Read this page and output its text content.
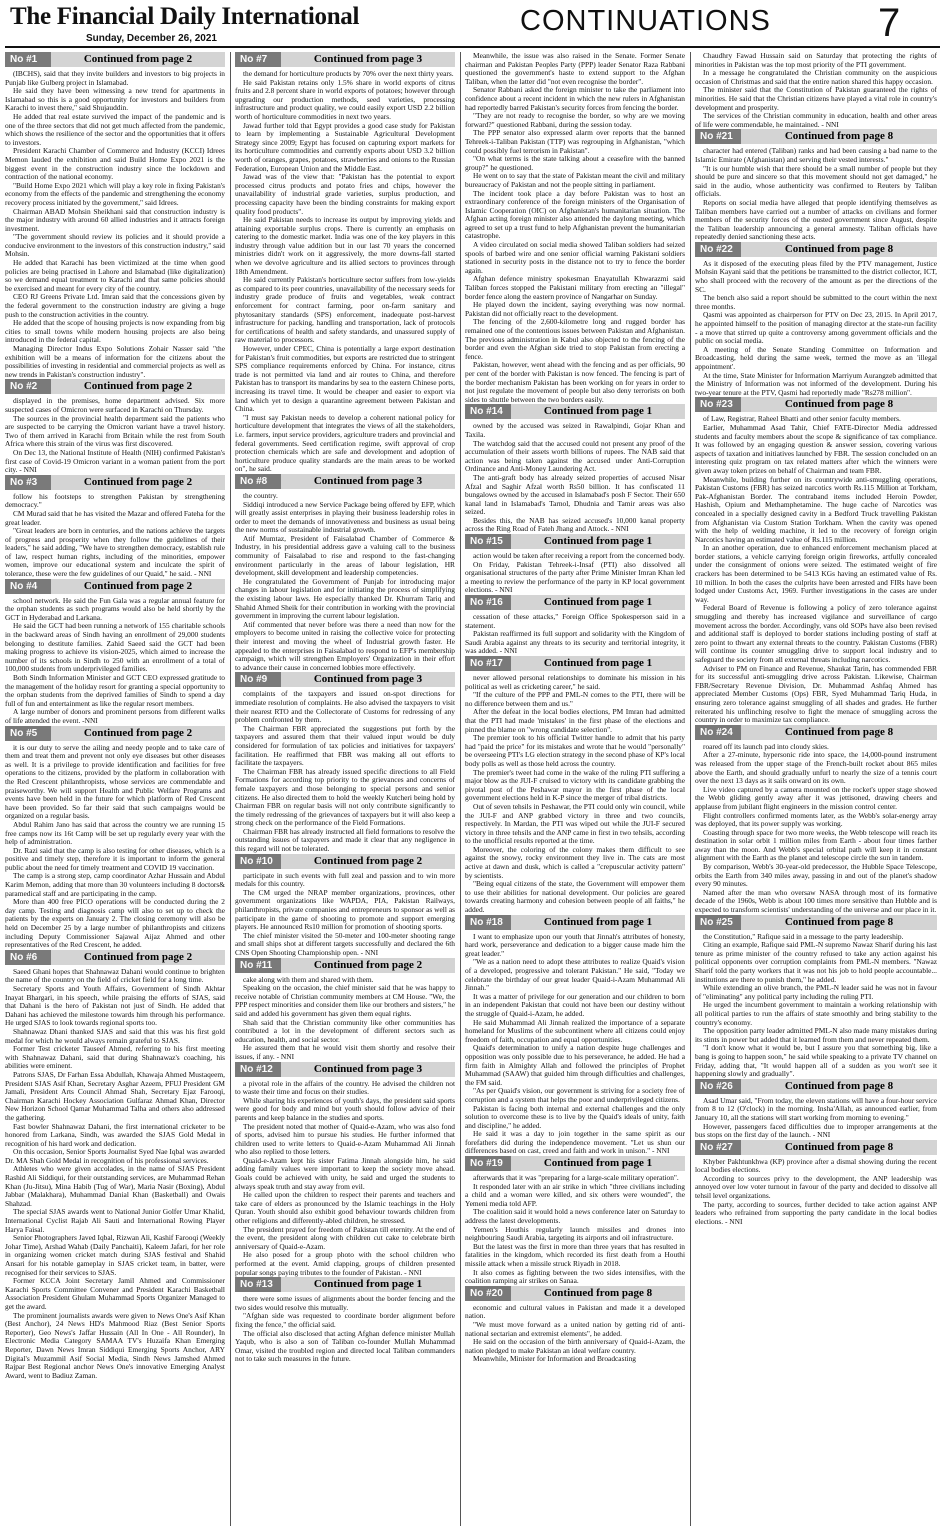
The Financial Daily International
Sunday, December 26, 2021
CONTINUATIONS	7
No #1	Continued from page 2

(IBCHS), said that they invite builders and investors to big projects in Punjab like Gulberg project in Islamabad.

He said they have been witnessing a new trend for apartments in Islamabad so this is a good opportunity for investors and builders from Karachi to invest there," said Shujauddin.

He added that real estate survived the impact of the pandemic and is one of the three sectors that did not get much affected from the pandemic, which shows the resilience of the sector and the opportunities that it offers to investors.

President Karachi Chamber of Commerce and Industry (KCCI) Idrees Memon lauded the exhibition and said Build Home Expo 2021 is the biggest event in the construction industry since the lockdown and contraction of the national economy.

"Build Home Expo 2021 which will play a key role in fixing Pakistan's economy from the effects of the pandemic and strengthening the economy recovery process initiated by the government," said Idrees.

Chairman ABAD Mohsin Sheikhani said that construction industry is the major industry with around 60 allied industries and it attracts foreign investment.

"The government should review its policies and it should provide a conducive environment to the investors of this construction industry," said Mohsin.

He added that Karachi has been victimized at the time when good policies are being practised in Lahore and Islamabad (like digitalization) so we demand equal treatment to Karachi and that same policies should be exercised and meant for every city of the country.

CEO RJ Greens Private Ltd. Imran said that the concessions given by the federal government to the construction industry are giving a huge push to the construction activities in the country.

He added that the scope of housing projects is now expanding from big cities to small towns while modern housing projects are also being introduced in the federal capital.

Managing Director Indus Expo Solutions Zohair Nasser said "the exhibition will be a means of information for the citizens about the possibilities of investing in residential and commercial projects as well as new trends in Pakistan's construction industry".

No #2	Continued from page 2

displayed in the premises, home department advised. Six more suspected cases of Omicron were surfaced in Karachi on Thursday.

The sources in the provincial health department said the patients who are suspected to be carrying the Omicron variant have a travel history. Two of them arrived in Karachi from Britain while the rest from South Africa where this strain of the virus was first discovered.

On Dec 13, the National Institute of Health (NIH) confirmed Pakistan's first case of Covid-19 Omicron variant in a woman patient from the port city. - NNI

No #3	Continued from page 2

follow his footsteps to strengthen Pakistan by strengthening democracy."

CM Murad said that he has visited the Mazar and offered Fateha for the great leader.

"Great leaders are born in centuries, and the nations achieve the targets of progress and prosperity when they follow the guidelines of their leaders," he said adding, "We have to strengthen democracy, establish rule of law, respect human rights, including of the minorities, empower women, improve our educational system and inculcate the spirit of tolerance, these were the few guidelines of our Quaid," he said. - NNI

No #4	Continued from page 2

school network. He said the Fun Gala was a regular annual feature for the orphan students as such programs would also be held shortly by the GCT in Hyderabad and Larkana.

He said the GCT had been running a network of 155 charitable schools in the backward areas of Sindh having an enrollment of 29,000 students belonging to destitute families. Zahid Saeed said the GCT had been making progress to achieve its vision-2025, which aimed to increase the number of its schools in Sindh to 250 with an enrollment of a total of 100,000 students from underprivileged families.

Both Sindh Information Minister and GCT CEO expressed gratitude to the management of the holiday resort for granting a special opportunity to the orphan students from the deprived families of Sindh to spend a day full of fun and entertainment as like the regular resort members.

A large number of donors and prominent persons from different walks of life attended the event. -NNI

No #5	Continued from page 2

it is our duty to serve the ailing and needy people and to take care of them and treat them and prevent not only eye diseases but other diseases as well. It is a privilege to provide identification and facilities for free operations to the citizens, provided by the platform in collaboration with the Red Crescent philanthropists, whose services are commendable and praiseworthy. We will support Health and Public Welfare Programs and events have been held in the future for which platform of Red Crescent have been provided. So far their said that such campaigns would be organized on a regular basis.

Abdul Rahim Jano has said that across the country we are running 15 free camps now its 16t Camp will be set up regularly every year with the help of administration.

Dr. Razi said that the camp is also testing for other diseases, which is a positive and timely step, therefore it is important to inform the general public about the need for timely treatment and COVID 19 vaccination.

The camp is a strong step, camp coordinator Azhar Hussain and Abdul Karim Memon, adding that more than 30 volunteers including 8 doctors& paramedical staff and are participating in the camp.

More than 400 free PICO operations will be conducted during the 2 day camp. Testing and diagnosis camp will also to set up to check the patients by the experts on January 2. The closing ceremony will also be held on December 25 by a large number of philanthropists and citizens including Deputy Commissioner Sajawal Aijaz Ahmed and other representatives of the Red Crescent, he added.

No #6	Continued from page 2

Saeed Ghani hopes that Shahnawaz Dahani would continue to brighten the name of the country on the field of cricket field for a long time.

Secretary Sports and Youth Affairs, Government of Sindh Akhtar Inayat Bhargari, in his speech, while praising the efforts of SJAS, said that Dahani is the hero of Pakistan not just of Sindh. He added that Dahani has achieved the milestone towards him through his performance. He urged SJAS to look towards regional sports too.

Shahnawaz Dhani thanked SJAS and said that this was his first gold medal for which he would always remain grateful to SJAS.

Former Test cricketer Tauseef Ahmed, referring to his first meeting with Shahnawaz Dahani, said that during Shahnawaz's coaching, his abilities were eminent.

Patrons SJAS, Dr Farhan Essa Abdullah, Khawaja Ahmed Mustaqeem, President SJAS Asif Khan, Secretary Asghar Azeem, PFUJ President GM Jamali, President Arts Council Ahmad Shah, Secretary Ejaz Farooqi, Chairman Karachi Hockey Association Gulfaraz Ahmad Khan, Director New Horizon School Qamar Muhammad Talha and others also addressed the gathering.

Fast bowler Shahnawaz Dahani, the first international cricketer to be honored from Larkana, Sindh, was awarded the SJAS Gold Medal in recognition of his hard work and dedication.

On this occasion, Senior Sports Journalist Syed Nae Iqbal was awarded Dr. MA Shah Gold Medal in recognition of his professional services.

Athletes who were given accolades, in the name of SJAS President Rashid Ali Siddiqui, for their outstanding services, are Muhammad Rehan Khan (Ju-Jitsu), Mina Habib (Tug of War), Maria Nasir (Boxing), Abdul Jabbar (Malakhara), Muhammad Danial Khan (Basketball) and Owais Shahzad.

The special SJAS awards went to National Junior Golfer Umar Khalid, International Cyclist Rajab Ali Sauti and International Rowing Player Harya Faisal.

Senior Photographers Javed Iqbal, Rizwan Ali, Kashif Farooqi (Weekly Johar Time), Arshad Wahab (Daily Panchaiti), Kaleem Jafari, for her role in organizing women cricket match during SJAS festival and Shahid Ansari for his notable gameplay in SJAS cricket team, in batter, were recognised for their services to SJAS.

Former KCCA Joint Secretary Jamil Ahmed and Commissioner Karachi Sports Committee Convener and President Karachi Basketball Association President Ghulam Muhammad Sports Organizer Managed to get the award.

The prominent journalists awards were given to News One's Asif Khan (Best Anchor), 24 News HD's Mahmood Riaz (Best Senior Sports Reporter), Geo News's Jaffar Hussain (All In One - All Rounder), In Electronic Media Category SAMAA TV's Huzaifa Khan Emerging Reporter, Dawn News Imran Siddiqui Emerging Sports Anchor, ARY Digital's Muzammil Asif Social Media, Sindh News Jamshed Ahmed Rajpar Best Regional anchor News One's innovative Emerging Analyst Award, went to Badiuz Zaman.

No #7	Continued from page 3

the demand for horticulture products by 70% over the next thirty years.

He said Pakistan retains only 1.5% share in world exports of citrus fruits and 2.8 percent share in world exports of potatoes; however through upgrading our production methods, seed varieties, processing infrastructure and product quality, we could easily export USD 2.2 billion worth of horticulture commodities in next two years.

Jawad further told that Egypt provides a good case study for Pakistan to learn by implementing a Sustainable Agricultural Development Strategy since 2009; Egypt has focused on capturing export markets for its horticulture commodities and currently exports about USD 3.2 billion worth of oranges, grapes, potatoes, strawberries and onions to the Russian Federation, European Union and the Middle East.

Jawad was of the view that: "Pakistan has the potential to export processed citrus products and potato fries and chips, however the unavailability of industrial grade varieties, surplus production, and processing capacity have been the binding constraints for making export quality food products".

He said Pakistan needs to increase its output by improving yields and attaining exportable surplus crops. There is currently an emphasis on catering to the domestic market. India was one of the key players in this industry through value addition but in our last 70 years the concerned ministries didn't work on it aggressively, the more downs-fall started when we devolve agriculture and its allied sectors to provinces through 18th Amendment.

He said currently Pakistan's horticulture sector suffers from low-yields as compared to its peer countries, unavailability of the necessary seeds for industry grade produce of fruits and vegetables, weak contract enforcement for contract farming, poor on-farm sanitary and phytosanitary standards (SPS) enforcement, inadequate post-harvest infrastructure for packing, handling and transportation, lack of protocols for certifications of health and safety standards, and unassured supply of raw material to processors.

However, under CPEC, China is potentially a large export destination for Pakistan's fruit commodities, but exports are restricted due to stringent SPS compliance requirements enforced by China. For instance, citrus trade is not permitted via land and air routes to China, and therefore Pakistan has to transport its mandarins by sea to the eastern Chinese ports, increasing its travel time. It would be cheaper and easier to export via land which yet to design a quarantine agreement between Pakistan and China.

"I must say Pakistan needs to develop a coherent national policy for horticulture development that integrates the views of all the stakeholders, i.e. farmers, input service providers, agriculture traders and provincial and federal governments. Seed certification regime, swift approval of crop protection chemicals which are safe and development and adoption of horticulture produce quality standards are the main areas to be worked on", he said.

No #8	Continued from page 3

the country.

Siddiqi introduced a new Service Package being offered by EFP, which will greatly assist enterprises in playing their business leadership roles in order to meet the demands of innovativeness and business as usual being the new norms of sustainable industrial growth.

Atif Mumtaz, President of Faisalabad Chamber of Commerce & Industry, in his presidential address gave a valuing call to the business community of Faisalabad to rise and respond to the fast-changing environment particularly in the areas of labour legislation, HR development, skill development and leadership competencies.

He congratulated the Government of Punjab for introducing major changes in labour legislation and for initiating the process of simplifying the existing labour laws. He especially thanked Dr. Khurram Tariq and Shahid Ahmed Sheik for their contribution in working with the provincial government in improving the current labour legislation.

Atif commented that never before was there a need than now for the employers to become united in raising the collective voice for protecting their interest and moving the wheel of Industrial growth faster. He appealed to the enterprises in Faisalabad to respond to EFP's membership campaign, which will strengthen Employers' Organization in their effort to advance their cause in concerned lobbies more effectively.

No #9	Continued from page 3

complaints of the taxpayers and issued on-spot directions for immediate resolution of complaints. He also advised the taxpayers to visit their nearest RTO and the Collectorate of Customs for redressing of any problem confronted by them.

The Chairman FBR appreciated the suggestions put forth by the taxpayers and assured them that their valued input would be duly considered for formulation of tax policies and initiatives for taxpayers' facilitation. He reaffirmed that FBR was making all out efforts to facilitate the taxpayers.

The Chairman FBR has already issued specific directions to all Field Formations for according top priority to the grievances and concerns of female taxpayers and those belonging to special persons and senior citizens. He also directed them to hold the weekly Kutcheri being hold by Chairman FBR on regular basis will not only contribute significantly to the timely redressing of the grievances of taxpayers but it will also keep a strong check on the performance of the Field Formations.

Chairman FBR has already instructed all field formations to resolve the outstanding issues of taxpayers and made it clear that any negligence in this regard will not be tolerated.

No #10	Continued from page 2

participate in such events with full zeal and passion and to win more medals for this country.

The CM urged the NRAP member organizations, provinces, other government organizations like WAPDA, PIA, Pakistan Railways, philanthropists, private companies and entrepreneurs to sponsor as well as participate in the game of shooting to promote and support emerging players. He announced Rs10 million for promotion of shooting sports.

The chief minister visited the 50-meter and 100-meter shooting range and small ships shot at different targets successfully and declared the 6th CNS Open Shooting Championship open. - NNI

No #11	Continued from page 2

cake along with them and shared with them.

Speaking on the occasion, the chief minister said that he was happy to receive notable of Christian community members at CM House. "We, the PPP respect minorities and consider them like our brothers and sisters," he said and added his government has given them equal rights.

Shah said that the Christian community like other communities has contributed a lot in the development of different sectors such as education, health, and social sector.

He assured them that he would visit them shortly and resolve their issues, if any. - NNI

No #12	Continued from page 3

a pivotal role in the affairs of the country. He advised the children not to waste their time and focus on their studies.

While sharing his experiences of youth's days, the president said sports were good for body and mind but youth should follow advice of their parents and keep balance in the studies and sports.

The president noted that mother of Quaid-e-Azam, who was also fond of sports, advised him to pursue his studies. He further informed that children used to write letters to Quaid-e-Azam Muhammad Ali Jinnah who also replied to those letters.

Quaid-e-Azam kept his sister Fatima Jinnah alongside him, he said adding family values were important to keep the society move ahead. Goals could be achieved with unity, he said and urged the students to always speak truth and stay away from evil.

He called upon the children to respect their parents and teachers and take care of elders as pronounced by the Islamic teachings in the Holy Quran. Youth should also exhibit good behaviour towards children from other religions and differently-abled children, he stressed.

The president prayed for freedom of Pakistan till eternity. At the end of the event, the president along with children cut cake to celebrate birth anniversary of Quaid-e-Azam.

He also posed for a group photo with the school children who performed at the event. Amid clapping, groups of children presented popular songs paying tributes to the founder of Pakistan. - NNI

No #13	Continued from page 1

there were some issues of alignments about the border fencing and the two sides would resolve this mutually.

"Afghan side was requested to coordinate border alignment before fixing the fence," the official said.

The official also disclosed that acting Afghan defence minister Mullah Yaqub, who is also a son of Taliban co-founder Mullah Muhammad Omar, visited the troubled region and directed local Taliban commanders not to take such measures in the future.

Meanwhile, the issue was also raised in the Senate. Former Senate chairman and Pakistan Peoples Party (PPP) leader Senator Raza Rabbani questioned the government's haste to extend support to the Afghan Taliban, when the latter did "not even recognise the border".

Senator Rabbani asked the foreign minister to take the parliament into confidence about a recent incident in which the new rulers in Afghanistan had reportedly barred Pakistan's security forces from fencing the border.

"They are not ready to recognise the border, so why are we moving forward?" questioned Rabbani, during the session today.

The PPP senator also expressed alarm over reports that the banned Tehreek-i-Taliban Pakistan (TTP) was regrouping in Afghanistan, "which could possibly fuel terrorism in Pakistan".

"On what terms is the state talking about a ceasefire with the banned group?" he questioned.

He went on to say that the state of Pakistan meant the civil and military bureaucracy of Pakistan and not the people sitting in parliament.

The incident took place a day before Pakistan was to host an extraordinary conference of the foreign ministers of the Organisation of Islamic Cooperation (OIC) on Afghanistan's humanitarian situation. The Afghan acting foreign minister also attended the daylong meeting, which agreed to set up a trust fund to help Afghanistan prevent the humanitarian catastrophe.

A video circulated on social media showed Taliban soldiers had seized spools of barbed wire and one senior official warning Pakistani soldiers stationed in security posts in the distance not to try to fence the border again.

Afghan defence ministry spokesman Enayatullah Khwarazmi said Taliban forces stopped the Pakistani military from erecting an "illegal" border fence along the eastern province of Nangarhar on Sunday.

He played down the incident, saying everything was now normal. Pakistan did not officially react to the development.

The fencing of the 2,600-kilometre long and rugged border has remained one of the contentious issues between Pakistan and Afghanistan. The previous administration in Kabul also objected to the fencing of the border and even the Afghan side tried to stop Pakistan from erecting a fence.

Pakistan, however, went ahead with the fencing and as per officials, 90 per cent of the border with Pakistan is now fenced. The fencing is part of the border mechanism Pakistan has been working on for years in order to not just regulate the movement of people but also deny terrorists on both sides to shuttle between the two borders easily.

No #14	Continued from page 1

owned by the accused was seized in Rawalpindi, Gojar Khan and Taxila.

The watchdog said that the accused could not present any proof of the accumulation of their assets worth billions of rupees. The NAB said that action was being taken against the accused under Anti-Corruption Ordinance and Anti-Money Laundering Act.

The anti-graft body has already seized properties of accused Nisar Afzal and Saghir Afzal worth Rs50 billion. It has confiscated 11 bungalows owned by the accused in Islamabad's posh F Sector. Their 650 kanal land in Islamabad's Tarnol, Dhudnia and Tamir areas was also seized.

Besides this, the NAB has seized accused's 10,000 kanal property across the Ring Road of Fateh Jhang and Attock. - NNI

No #15	Continued from page 1

action would be taken after receiving a report from the concerned body.

On Friday, Pakistan Tehreek-i-Insaf (PTI) also dissolved all organisational structures of the party after Prime Minister Imran Khan led a meeting to review the performance of the party in KP local government elections. - NNI

No #16	Continued from page 1

cessation of these attacks," Foreign Office Spokesperson said in a statement.

Pakistan reaffirmed its full support and solidarity with the Kingdom of Saudi Arabia against any threats to its security and territorial integrity, it was added. - NNI

No #17	Continued from page 1

never allowed personal relationships to dominate his mission in his political as well as cricketing career," he said.

"If the culture of the PPP and PML-N comes to the PTI, there will be no difference between them and us."

After the defeat in the local bodies elections, PM Imran had admitted that the PTI had made 'mistakes' in the first phase of the elections and pinned the blame on "wrong candidate selection".

The premier took to his official Twitter handle to admit that his party had "paid the price" for its mistakes and wrote that he would "personally" be overseeing PTI's LG election strategy in the second phase of KP's local body polls as well as those held across the country.

The premier's tweet had come in the wake of the ruling PTI suffering a major blow as the JUI-F cruised to victory with its candidate grabbing the pivotal post of the Peshawar mayor in the first phase of the local government elections held in K-P since the merger of tribal districts.

Out of seven tehsils in Peshawar, the PTI could only win council, while the JUI-F and ANP grabbed victory in three and two councils, respectively. In Mardan, the PTI was wiped out while the JUI-F secured victory in three tehsils and the ANP came in first in two tehsils, according to the unofficial results reported at the time.

Moreover, the coloring of the colony makes them difficult to see against the snowy, rocky environment they live in. The cats are most active at dawn and dusk, which is called a "crepuscular activity pattern" by scientists.

"Being equal citizens of the state, the Government will empower them to use their abilities for national development. Our policies are geared towards creating harmony and cohesion between people of all faiths," he added.

No #18	Continued from page 1

I want to emphasize upon our youth that Jinnah's attributes of honesty, hard work, perseverance and dedication to a bigger cause made him the great leader."

"We as a nation need to adopt these attributes to realize Quaid's vision of a developed, progressive and tolerant Pakistan." He said, "Today we celebrate the birthday of our great leader Quaid-i-Azam Muhammad Ali Jinnah."

It was a matter of privilege for our generation and our children to born in an independent Pakistan that could not have been our destiny without the struggle of Quaid-i-Azam, he added.

He said Muhammad Ali Jinnah realized the importance of a separate homeland for Muslims of the subcontinent where all citizens could enjoy freedom of faith, occupation and equal opportunities.

Quaid's determination to unify a nation despite huge challenges and opposition was only possible due to his perseverance, he added. He had a firm faith in Almighty Allah and followed the principles of Prophet Muhammad (SAAW) that guided him through difficulties and challenges, the FM said.

"As per Quaid's vision, our government is striving for a society free of corruption and a system that helps the poor and underprivileged citizens.

Pakistan is facing both internal and external challenges and the only solution to overcome these is to live by the Quaid's ideals of unity, faith and discipline," he added.

He said it was a day to join together in the same spirit as our forefathers did during the independence movement. "Let us shun our differences based on cast, creed and faith and work in unison." - NNI

No #19	Continued from page 1

afterwards that it was "preparing for a large-scale military operation".

It responded later with an air strike in which "three civilians including a child and a woman were killed, and six others were wounded", the Yemeni media told AFP.

The coalition said it would hold a news conference later on Saturday to address the latest developments.

Yemen's Houthis regularly launch missiles and drones into neighbouring Saudi Arabia, targeting its airports and oil infrastructure.

But the latest was the first in more than three years that has resulted in fatalities in the kingdom, which recorded its first death from a Houthi missile attack when a missile struck Riyadh in 2018.

It also comes as fighting between the two sides intensifies, with the coalition ramping air strikes on Sanaa.

No #20	Continued from page 8

economic and cultural values in Pakistan and made it a developed nation.

"We must move forward as a united nation by getting rid of anti-national sectarian and extremist elements", he added.

He said on the occasion of the birth anniversary of Quaid-i-Azam, the nation pledged to make Pakistan an ideal welfare country.

Meanwhile, Minister for Information and Broadcasting

Chaudhry Fawad Hussain said on Saturday that protecting the rights of minorities in Pakistan was the top most priority of the PTI government.

In a message he congratulated the Christian community on the auspicious occasion of Christmas and said that the entire nation shared this happy occasion.

The minister said that the Constitution of Pakistan guaranteed the rights of minorities. He said that the Christian citizens have played a vital role in country's development and prosperity.

The services of the Christian community in education, health and other areas of life were commendable, he maintained. - NNI

No #21	Continued from page 8

character had entered (Taliban) ranks and had been causing a bad name to the Islamic Emirate (Afghanistan) and serving their vested interests."

"It is our humble wish that there should be a small number of people but they should be pure and sincere so that this movement should not get damaged," he said in the audio, whose authenticity was confirmed to Reuters by Taliban officials.

Reports on social media have alleged that people identifying themselves as Taliban members have carried out a number of attacks on civilians and former members of the security forces of the ousted government since August, despite the Taliban leadership announcing a general amnesty. Taliban officials have repeatedly denied sanctioning these acts.

No #22	Continued from page 8

As it disposed of the executing pleas filed by the PTV management, Justice Mohsin Kayani said that the petitions be transmitted to the district collector, ICT, who shall proceed with the recovery of the amount as per the directions of the SC.

The bench also said a report should be submitted to the court within the next three months.

Qasmi was appointed as chairperson for PTV on Dec 23, 2015. In April 2017, he appointed himself to the position of managing director at the state-run facility - a move that stirred up quite a controversy among government officials and the public on social media.

A meeting of the Senate Standing Committee on Information and Broadcasting, held during the same week, termed the move as an 'illegal appointment'.

At the time, State Minister for Information Marriyum Aurangzeb admitted that the Ministry of Information was not informed of the development. During his two-year tenure at the PTV, Qasmi had reportedly made "Rs278 million".

No #23	Continued from page 8

of Law, Registrar, Raheel Bhatti and other senior faculty members.

Earlier, Muhammad Asad Tahir, Chief FATE-Director Media addressed students and faculty members about the scope & significance of tax compliance. It was followed by an engaging question & answer session, covering various aspects of taxation and initiatives launched by FBR. The session concluded on an interesting quiz program on tax related matters after which the winners were given away token prizes on behalf of Chairman and team FBR.

Meanwhile, building further on its countrywide anti-smuggling operations, Pakistan Customs (FBR) has seized narcotics worth Rs.115 Million at Torkham, Pak-Afghanistan Border. The contraband items included Heroin Powder, Hashish, Opium and Methamphetamine. The huge cache of Narcotics was concealed in a specially designed cavity in a Bedford Truck travelling Pakistan from Afghanistan via Custom Station Torkham. When the cavity was opened with the help of welding machine, it led to the recovery of foreign origin Narcotics having an estimated value of Rs.115 million.

In an another operation, due to enhanced enforcement mechanism placed at border stations, a vehicle carrying foreign origin fireworks, artfully concealed under the consignment of onions were seized. The estimated weight of fire crackers has been determined to be 5413 KGs having an estimated value of Rs. 10 million. In both the cases the culprits have been arrested and FIRs have been lodged under Customs Act, 1969. Further investigations in the cases are under way.

Federal Board of Revenue is following a policy of zero tolerance against smuggling and thereby has increased vigilance and surveillance of cargo movement across the border. Accordingly, vans old SOPs have also been revised and additional staff is deployed to border stations including posting of staff at zero point to thwart any external threats to the country. Pakistan Customs (FBR) will continue its counter smuggling drive to support local industry and to safeguard the society from all external threats including narcotics.

Adviser to PM on Finance and Revenue, Shaukat Tarin, has commended FBR for its successful anti-smuggling drive across Pakistan. Likewise, Chairman FBR/Secretary Revenue Division, Dr. Muhammad Ashfaq Ahmed has appreciated Member Customs (Ops) FBR, Syed Muhammad Tariq Huda, in ensuring zero tolerance against smuggling of all shades and grades. He further reiterated his unflinching resolve to fight the menace of smuggling across the country in order to maximize tax compliance.

No #24	Continued from page 8

roared off its launch pad into cloudy skies.

After a 27-minute, hypersonic ride into space, the 14,000-pound instrument was released from the upper stage of the French-built rocket about 865 miles above the Earth, and should gradually unfurl to nearly the size of a tennis court over the next 13 days as it sails onward on its own.

Live video captured by a camera mounted on the rocket's upper stage showed the Webb gliding gently away after it was jettisoned, drawing cheers and applause from jubilant flight engineers in the mission control center.

Flight controllers confirmed moments later, as the Webb's solar-energy array was deployed, that its power supply was working.

Coasting through space for two more weeks, the Webb telescope will reach its destination in solar orbit 1 million miles from Earth - about four times farther away than the moon. And Webb's special orbital path will keep it in constant alignment with the Earth as the planet and telescope circle the sun in tandem.

By comparison, Webb's 30-year-old predecessor, the Hubble Space Telescope, orbits the Earth from 340 miles away, passing in and out of the planet's shadow every 90 minutes.

Named after the man who oversaw NASA through most of its formative decade of the 1960s, Webb is about 100 times more sensitive than Hubble and is expected to transform scientists' understanding of the universe and our place in it.

No #25	Continued from page 8

the Constitution," Rafique said in a message to the party leadership.

Citing an example, Rafique said PML-N supremo Nawaz Sharif during his last tenure as prime minister of the country refused to take any action against his political opponents over corruption complaints from PML-N members. "Nawaz Sharif told the party workers that it was not his job to hold people accountable... institutions are there to punish them," he added.

While extending an olive branch, the PML-N leader said he was not in favour of "eliminating" any political party including the ruling PTI.

He urged the incumbent government to maintain a working relationship with all political parties to run the affairs of state smoothly and bring stability to the country's economy.

The opposition party leader admitted PML-N also made many mistakes during its stints in power but added that it learned from them and never repeated them.

"I don't know what it would be, but I assure you that something big, like a bang is going to happen soon," he said while speaking to a private TV channel on Friday, adding that, "It would happen all of a sudden as you won't see it happening slowly and gradually".

No #26	Continued from page 8

Asad Umar said, "From today, the eleven stations will have a four-hour service from 8 to 12 (O'clock) in the morning. Insha'Allah, as announced earlier, from January 10, all the stations will start working from morning to evening."

However, passengers faced difficulties due to improper arrangements at the bus stops on the first day of the launch. - NNI

No #27	Continued from page 8

Khyber Pakhtunkhwa (KP) province after a dismal showing during the recent local bodies elections.

According to sources privy to the development, the ANP leadership was annoyed over low voter turnout in favour of the party and decided to dissolve all tehsil level organizations.

The party, according to sources, further decided to take action against ANP leaders who refrained from supporting the party candidate in the local bodies elections. - NNI
